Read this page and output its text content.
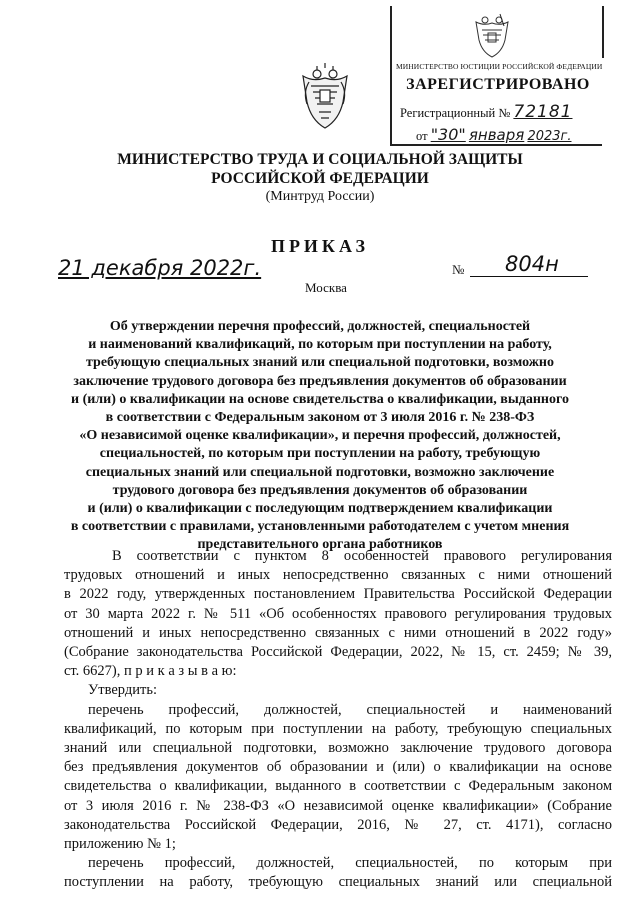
МИНИСТЕРСТВО ЮСТИЦИИ РОССИЙСКОЙ ФЕДЕРАЦИИ
ЗАРЕГИСТРИРОВАНО
Регистрационный № 72181
от "30" января 2023г.
МИНИСТЕРСТВО ТРУДА И СОЦИАЛЬНОЙ ЗАЩИТЫ
РОССИЙСКОЙ ФЕДЕРАЦИИ
(Минтруд России)
ПРИКАЗ
21 декабря 2022г.	№ 804н
Москва
Об утверждении перечня профессий, должностей, специальностей
и наименований квалификаций, по которым при поступлении на работу,
требующую специальных знаний или специальной подготовки, возможно
заключение трудового договора без предъявления документов об образовании
и (или) о квалификации на основе свидетельства о квалификации, выданного
в соответствии с Федеральным законом от 3 июля 2016 г. № 238-ФЗ
«О независимой оценке квалификации», и перечня профессий, должностей,
специальностей, по которым при поступлении на работу, требующую
специальных знаний или специальной подготовки, возможно заключение
трудового договора без предъявления документов об образовании
и (или) о квалификации с последующим подтверждением квалификации
в соответствии с правилами, установленными работодателем с учетом мнения
представительного органа работников
В соответствии с пунктом 8 особенностей правового регулирования
трудовых отношений и иных непосредственно связанных с ними отношений
в 2022 году, утвержденных постановлением Правительства Российской Федерации
от 30 марта 2022 г. № 511 «Об особенностях правового регулирования трудовых
отношений и иных непосредственно связанных с ними отношений в 2022 году»
(Собрание законодательства Российской Федерации, 2022, № 15, ст. 2459; № 39,
ст. 6627), п р и к а з ы в а ю:
Утвердить:
перечень профессий, должностей, специальностей и наименований
квалификаций, по которым при поступлении на работу, требующую специальных
знаний или специальной подготовки, возможно заключение трудового договора
без предъявления документов об образовании и (или) о квалификации на основе
свидетельства о квалификации, выданного в соответствии с Федеральным законом
от 3 июля 2016 г. № 238-ФЗ «О независимой оценке квалификации» (Собрание
законодательства Российской Федерации, 2016, № 27, ст. 4171), согласно
приложению № 1;
перечень профессий, должностей, специальностей, по которым при
поступлении на работу, требующую специальных знаний или специальной
